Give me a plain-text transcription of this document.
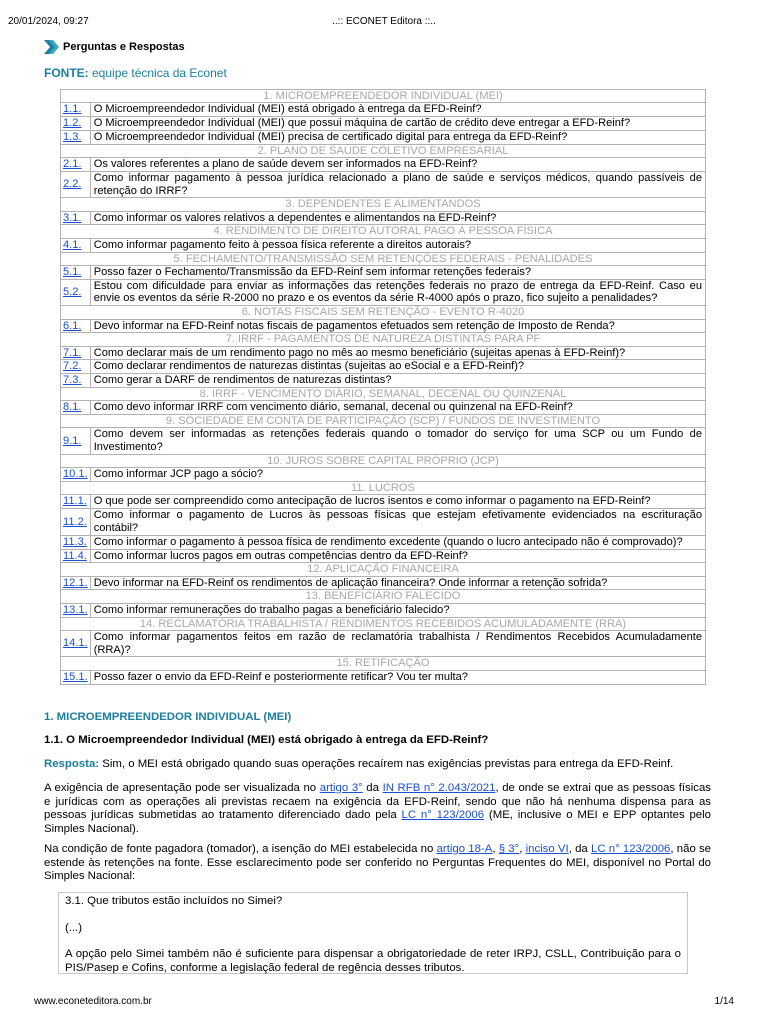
20/01/2024, 09:27	..:: ECONET Editora ::..
Perguntas e Respostas
FONTE: equipe técnica da Econet
1. MICROEMPREENDEDOR INDIVIDUAL (MEI)	
1.1.	O Microempreendedor Individual (MEI) está obrigado à entrega da EFD-Reinf?
1.2.	O Microempreendedor Individual (MEI) que possui máquina de cartão de crédito deve entregar a EFD-Reinf?
1.3.	O Microempreendedor Individual (MEI) precisa de certificado digital para entrega da EFD-Reinf?
2. PLANO DE SAÚDE COLETIVO EMPRESARIAL	
2.1.	Os valores referentes a plano de saúde devem ser informados na EFD-Reinf?
2.2.	Como informar pagamento à pessoa jurídica relacionado a plano de saúde e serviços médicos, quando passíveis de retenção do IRRF?
3. DEPENDENTES E ALIMENTANDOS	
3.1.	Como informar os valores relativos a dependentes e alimentandos na EFD-Reinf?
4. RENDIMENTO DE DIREITO AUTORAL PAGO À PESSOA FÍSICA	
4.1.	Como informar pagamento feito à pessoa física referente a direitos autorais?
5. FECHAMENTO/TRANSMISSÃO SEM RETENÇÕES FEDERAIS - PENALIDADES	
5.1.	Posso fazer o Fechamento/Transmissão da EFD-Reinf sem informar retenções federais?
5.2.	Estou com dificuldade para enviar as informações das retenções federais no prazo de entrega da EFD-Reinf. Caso eu envie os eventos da série R-2000 no prazo e os eventos da série R-4000 após o prazo, fico sujeito a penalidades?
6. NOTAS FISCAIS SEM RETENÇÃO - EVENTO R-4020	
6.1.	Devo informar na EFD-Reinf notas fiscais de pagamentos efetuados sem retenção de Imposto de Renda?
7. IRRF - PAGAMENTOS DE NATUREZA DISTINTAS PARA PF	
7.1.	Como declarar mais de um rendimento pago no mês ao mesmo beneficiário (sujeitas apenas à EFD-Reinf)?
7.2.	Como declarar rendimentos de naturezas distintas (sujeitas ao eSocial e a EFD-Reinf)?
7.3.	Como gerar a DARF de rendimentos de naturezas distintas?
8. IRRF - VENCIMENTO DIÁRIO, SEMANAL, DECENAL OU QUINZENAL	
8.1.	Como devo informar IRRF com vencimento diário, semanal, decenal ou quinzenal na EFD-Reinf?
9. SOCIEDADE EM CONTA DE PARTICIPAÇÃO (SCP) / FUNDOS DE INVESTIMENTO	
9.1.	Como devem ser informadas as retenções federais quando o tomador do serviço for uma SCP ou um Fundo de Investimento?
10. JUROS SOBRE CAPITAL PRÓPRIO (JCP)	
10.1.	Como informar JCP pago a sócio?
11. LUCROS	
11.1.	O que pode ser compreendido como antecipação de lucros isentos e como informar o pagamento na EFD-Reinf?
11.2.	Como informar o pagamento de Lucros às pessoas físicas que estejam efetivamente evidenciados na escrituração contábil?
11.3.	Como informar o pagamento à pessoa física de rendimento excedente (quando o lucro antecipado não é comprovado)?
11.4.	Como informar lucros pagos em outras competências dentro da EFD-Reinf?
12. APLICAÇÃO FINANCEIRA	
12.1.	Devo informar na EFD-Reinf os rendimentos de aplicação financeira? Onde informar a retenção sofrida?
13. BENEFICIÁRIO FALECIDO	
13.1.	Como informar remunerações do trabalho pagas a beneficiário falecido?
14. RECLAMATÓRIA TRABALHISTA / RENDIMENTOS RECEBIDOS ACUMULADAMENTE (RRA)	
14.1.	Como informar pagamentos feitos em razão de reclamatória trabalhista / Rendimentos Recebidos Acumuladamente (RRA)?
15. RETIFICAÇÃO	
15.1.	Posso fazer o envio da EFD-Reinf e posteriormente retificar? Vou ter multa?
1. MICROEMPREENDEDOR INDIVIDUAL (MEI)
1.1. O Microempreendedor Individual (MEI) está obrigado à entrega da EFD-Reinf?
Resposta: Sim, o MEI está obrigado quando suas operações recaírem nas exigências previstas para entrega da EFD-Reinf.
A exigência de apresentação pode ser visualizada no artigo 3° da IN RFB n° 2.043/2021, de onde se extrai que as pessoas físicas e jurídicas com as operações ali previstas recaem na exigência da EFD-Reinf, sendo que não há nenhuma dispensa para as pessoas jurídicas submetidas ao tratamento diferenciado dado pela LC n° 123/2006 (ME, inclusive o MEI e EPP optantes pelo Simples Nacional).
Na condição de fonte pagadora (tomador), a isenção do MEI estabelecida no artigo 18-A, § 3°, inciso VI, da LC n° 123/2006, não se estende às retenções na fonte. Esse esclarecimento pode ser conferido no Perguntas Frequentes do MEI, disponível no Portal do Simples Nacional:

3.1. Que tributos estão incluídos no Simei?

(...)

A opção pelo Simei também não é suficiente para dispensar a obrigatoriedade de reter IRPJ, CSLL, Contribuição para o PIS/Pasep e Cofins, conforme a legislação federal de regência desses tributos.

www.econeteditora.com.br	1/14
